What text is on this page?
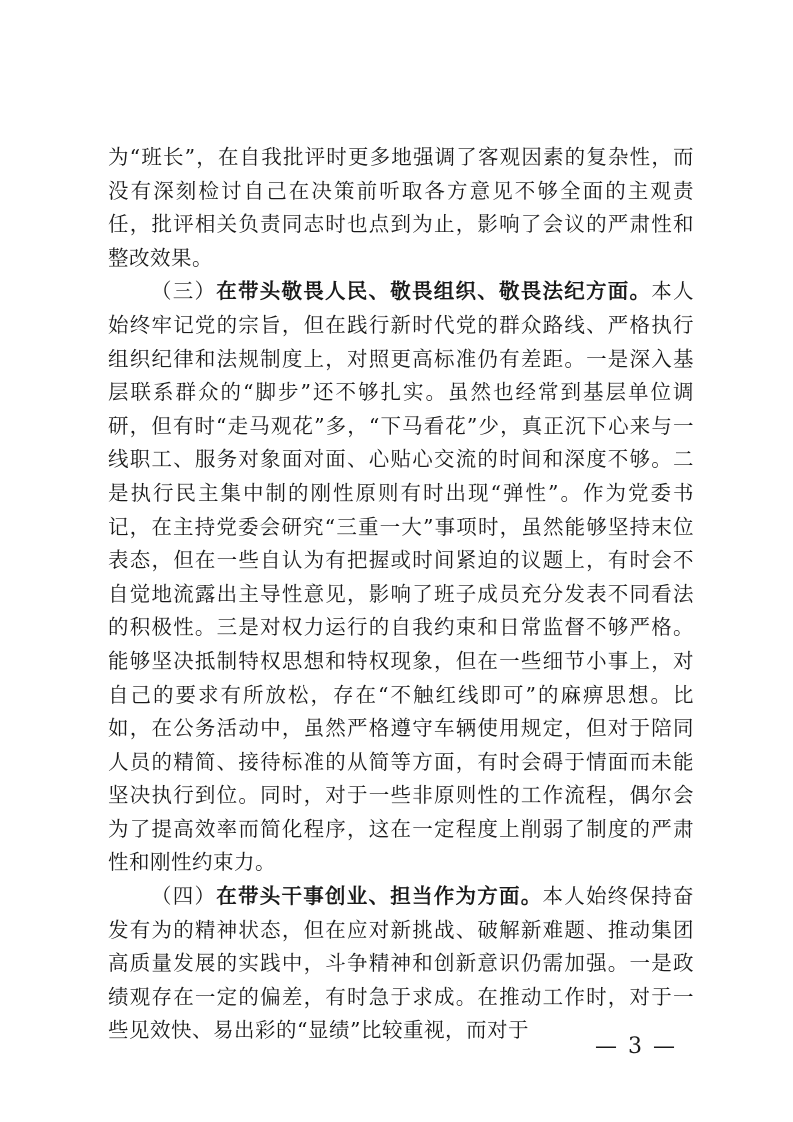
为“班长”，在自我批评时更多地强调了客观因素的复杂性，而没有深刻检讨自己在决策前听取各方意见不够全面的主观责任，批评相关负责同志时也点到为止，影响了会议的严肃性和整改效果。

（三）在带头敬畏人民、敬畏组织、敬畏法纪方面。本人始终牢记党的宗旨，但在践行新时代党的群众路线、严格执行组织纪律和法规制度上，对照更高标准仍有差距。一是深入基层联系群众的“脚步”还不够扎实。虽然也经常到基层单位调研，但有时“走马观花”多，“下马看花”少，真正沉下心来与一线职工、服务对象面对面、心贴心交流的时间和深度不够。二是执行民主集中制的刚性原则有时出现“弹性”。作为党委书记，在主持党委会研究“三重一大”事项时，虽然能够坚持末位表态，但在一些自认为有把握或时间紧迫的议题上，有时会不自觉地流露出主导性意见，影响了班子成员充分发表不同看法的积极性。三是对权力运行的自我约束和日常监督不够严格。能够坚决抵制特权思想和特权现象，但在一些细节小事上，对自己的要求有所放松，存在“不触红线即可”的麻痹思想。比如，在公务活动中，虽然严格遵守车辆使用规定，但对于陪同人员的精简、接待标准的从简等方面，有时会碍于情面而未能坚决执行到位。同时，对于一些非原则性的工作流程，偶尔会为了提高效率而简化程序，这在一定程度上削弱了制度的严肃性和刚性约束力。

（四）在带头干事创业、担当作为方面。本人始终保持奋发有为的精神状态，但在应对新挑战、破解新难题、推动集团高质量发展的实践中，斗争精神和创新意识仍需加强。一是政绩观存在一定的偏差，有时急于求成。在推动工作时，对于一些见效快、易出彩的“显绩”比较重视，而对于

— 3 —
